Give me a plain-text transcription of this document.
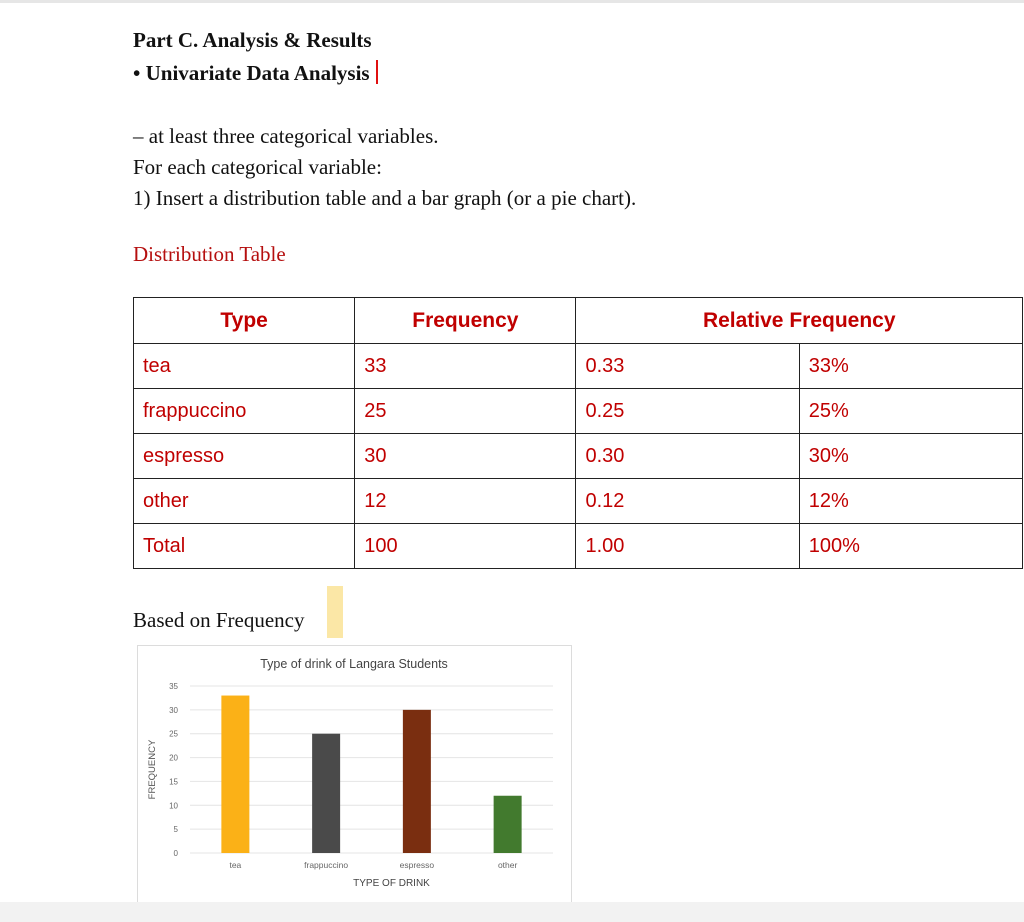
Part C. Analysis & Results
• Univariate Data Analysis
– at least three categorical variables.
For each categorical variable:
1) Insert a distribution table and a bar graph (or a pie chart).
Distribution Table
Type	Frequency	Relative Frequency	
tea	33	0.33	33%
frappuccino	25	0.25	25%
espresso	30	0.30	30%
other	12	0.12	12%
Total	100	1.00	100%
Based on Frequency
Type of drink of Langara Students
0
5
10
15
20
25
30
35
FREQUENCY
tea	frappuccino	espresso	other
TYPE OF DRINK
